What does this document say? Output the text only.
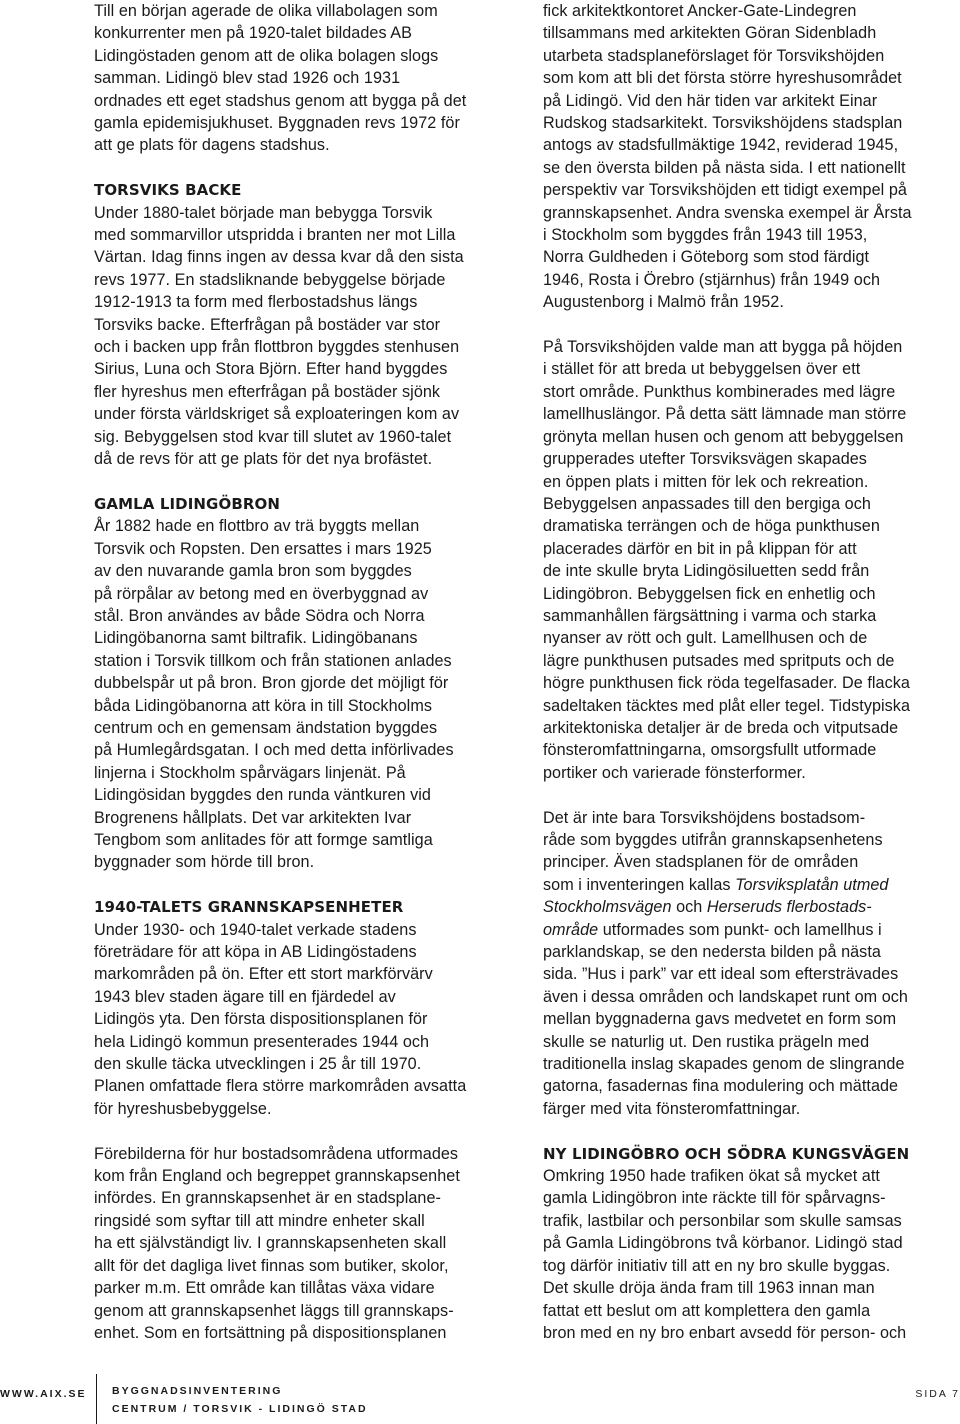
Till en början agerade de olika villabolagen som
konkurrenter men på 1920-talet bildades AB
Lidingöstaden genom att de olika bolagen slogs
samman. Lidingö blev stad 1926 och 1931
ordnades ett eget stadshus genom att bygga på det
gamla epidemisjukhuset. Byggnaden revs 1972 för
att ge plats för dagens stadshus.

TORSVIKS BACKE

Under 1880-talet började man bebygga Torsvik
med sommarvillor utspridda i branten ner mot Lilla
Värtan. Idag finns ingen av dessa kvar då den sista
revs 1977. En stadsliknande bebyggelse började
1912-1913 ta form med flerbostadshus längs
Torsviks backe. Efterfrågan på bostäder var stor
och i backen upp från flottbron byggdes stenhusen
Sirius, Luna och Stora Björn. Efter hand byggdes
fler hyreshus men efterfrågan på bostäder sjönk
under första världskriget så exploateringen kom av
sig. Bebyggelsen stod kvar till slutet av 1960-talet
då de revs för att ge plats för det nya brofästet.

GAMLA LIDINGÖBRON

År 1882 hade en flottbro av trä byggts mellan
Torsvik och Ropsten. Den ersattes i mars 1925
av den nuvarande gamla bron som byggdes
på rörpålar av betong med en överbyggnad av
stål. Bron användes av både Södra och Norra
Lidingöbanorna samt biltrafik. Lidingöbanans
station i Torsvik tillkom och från stationen anlades
dubbelspår ut på bron. Bron gjorde det möjligt för
båda Lidingöbanorna att köra in till Stockholms
centrum och en gemensam ändstation byggdes
på Humlegårdsgatan. I och med detta införlivades
linjerna i Stockholm spårvägars linjenät. På
Lidingösidan byggdes den runda väntkuren vid
Brogrenens hållplats. Det var arkitekten Ivar
Tengbom som anlitades för att formge samtliga
byggnader som hörde till bron.

1940-TALETS GRANNSKAPSENHETER

Under 1930- och 1940-talet verkade stadens
företrädare för att köpa in AB Lidingöstadens
markområden på ön. Efter ett stort markförvärv
1943 blev staden ägare till en fjärdedel av
Lidingös yta. Den första dispositionsplanen för
hela Lidingö kommun presenterades 1944 och
den skulle täcka utvecklingen i 25 år till 1970.
Planen omfattade flera större markområden avsatta
för hyreshusbebyggelse.

Förebilderna för hur bostadsområdena utformades
kom från England och begreppet grannskapsenhet
infördes. En grannskapsenhet är en stadsplane-
ringsidé som syftar till att mindre enheter skall
ha ett självständigt liv. I grannskapsenheten skall
allt för det dagliga livet finnas som butiker, skolor,
parker m.m. Ett område kan tillåtas växa vidare
genom att grannskapsenhet läggs till grannskaps-
enhet. Som en fortsättning på dispositionsplanen

fick arkitektkontoret Ancker-Gate-Lindegren
tillsammans med arkitekten Göran Sidenbladh
utarbeta stadsplaneförslaget för Torsvikshöjden
som kom att bli det första större hyreshusområdet
på Lidingö. Vid den här tiden var arkitekt Einar
Rudskog stadsarkitekt. Torsvikshöjdens stadsplan
antogs av stadsfullmäktige 1942, reviderad 1945,
se den översta bilden på nästa sida. I ett nationellt
perspektiv var Torsvikshöjden ett tidigt exempel på
grannskapsenhet. Andra svenska exempel är Årsta
i Stockholm som byggdes från 1943 till 1953,
Norra Guldheden i Göteborg som stod färdigt
1946, Rosta i Örebro (stjärnhus) från 1949 och
Augustenborg i Malmö från 1952.

På Torsvikshöjden valde man att bygga på höjden
i stället för att breda ut bebyggelsen över ett
stort område. Punkthus kombinerades med lägre
lamellhuslängor. På detta sätt lämnade man större
grönyta mellan husen och genom att bebyggelsen
grupperades utefter Torsviksvägen skapades
en öppen plats i mitten för lek och rekreation.
Bebyggelsen anpassades till den bergiga och
dramatiska terrängen och de höga punkthusen
placerades därför en bit in på klippan för att
de inte skulle bryta Lidingösiluetten sedd från
Lidingöbron. Bebyggelsen fick en enhetlig och
sammanhållen färgsättning i varma och starka
nyanser av rött och gult. Lamellhusen och de
lägre punkthusen putsades med spritputs och de
högre punkthusen fick röda tegelfasader. De flacka
sadeltaken täcktes med plåt eller tegel. Tidstypiska
arkitektoniska detaljer är de breda och vitputsade
fönsteromfattningarna, omsorgsfullt utformade
portiker och varierade fönsterformer.

Det är inte bara Torsvikshöjdens bostadsom-
råde som byggdes utifrån grannskapsenhetens
principer. Även stadsplanen för de områden
som i inventeringen kallas Torsviksplatån utmed
Stockholmsvägen och Herseruds flerbostads-
område utformades som punkt- och lamellhus i
parklandskap, se den nedersta bilden på nästa
sida. ”Hus i park” var ett ideal som eftersträvades
även i dessa områden och landskapet runt om och
mellan byggnaderna gavs medvetet en form som
skulle se naturlig ut. Den rustika prägeln med
traditionella inslag skapades genom de slingrande
gatorna, fasadernas fina modulering och mättade
färger med vita fönsteromfattningar.

NY LIDINGÖBRO OCH SÖDRA KUNGSVÄGEN

Omkring 1950 hade trafiken ökat så mycket att
gamla Lidingöbron inte räckte till för spårvagns-
trafik, lastbilar och personbilar som skulle samsas
på Gamla Lidingöbrons två körbanor. Lidingö stad
tog därför initiativ till att en ny bro skulle byggas.
Det skulle dröja ända fram till 1963 innan man
fattat ett beslut om att komplettera den gamla
bron med en ny bro enbart avsedd för person- och

WWW.AIX.SE BYGGNADSINVENTERING
CENTRUM / TORSVIK - LIDINGÖ STAD
SIDA 7
